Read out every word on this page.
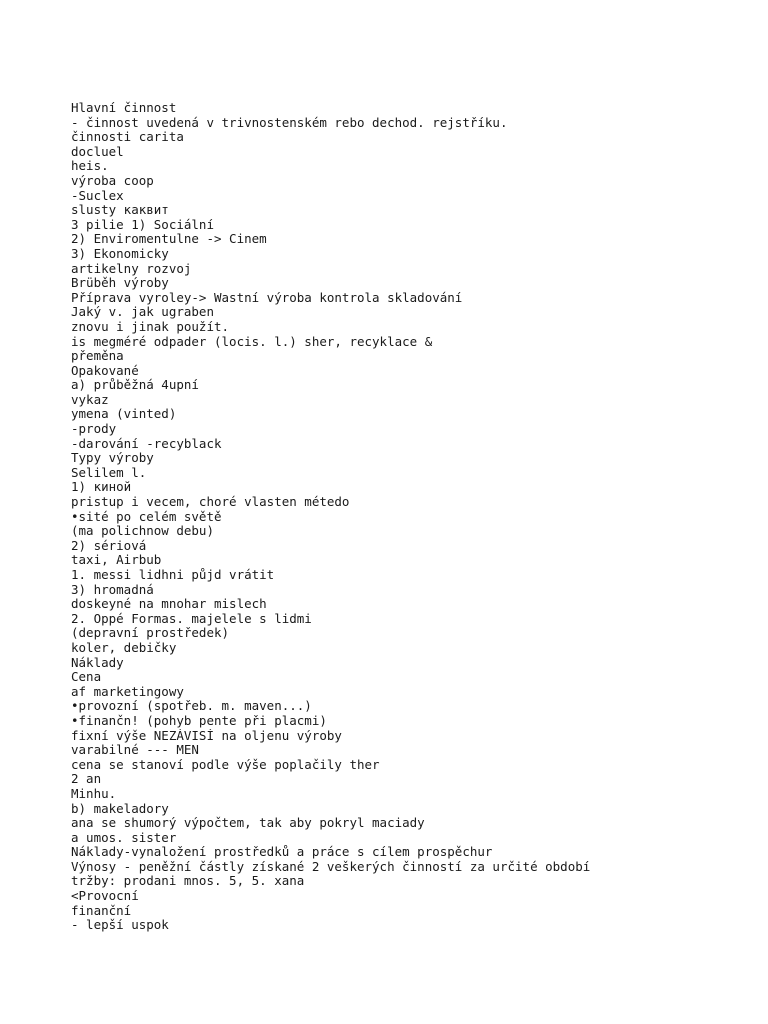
Hlavní činnost
- činnost uvedená v trivnostenském rebo dechod. rejstříku.
činnosti carita
docluel
heis.
výroba coop
-Suclex
slusty каквит
3 pilie 1) Sociální
2) Enviromentulne -> Cinem
3) Ekonomicky
artikelny rozvoj
Brüběh výroby
Příprava vyroley-> Wastní výroba kontrola skladování
Jaký v. jak ugraben
znovu i jinak použít.
is megméré odpader (locis. l.) sher, recyklace &
přeměna
Opakované
a) průběžná 4upní
vykaz
ymena (vinted)
-prody
-darování -recyblack
Typy výroby
Selilem l.
1) киной
pristup i vecem, choré vlasten métedo
•sité po celém světě
(ma polichnow debu)
2) sériová
taxi, Airbub
1. messi lidhni půjd vrátit
3) hromadná
doskeyné na mnohar mislech
2. Oppé Formas. majelele s lidmi
(depravní prostředek)
koler, debičky
Náklady
Cena
af marketingowy
•provozní (spotřeb. m. maven...)
•finančn! (pohyb pente při placmi)
fixní výše NEZÁVISÍ na oljenu výroby
varabilné --- MEN
cena se stanoví podle výše poplačily ther
2 an
Minhu.
b) makeladory
ana se shumorý výpočtem, tak aby pokryl maciady
a umos. sister
Náklady-vynaložení prostředků a práce s cílem prospěchur
Výnosy - peněžní částly získané 2 veškerých činností za určité období
tržby: prodani mnos. 5, 5. xana
<Provocní
finanční
- lepší uspok
